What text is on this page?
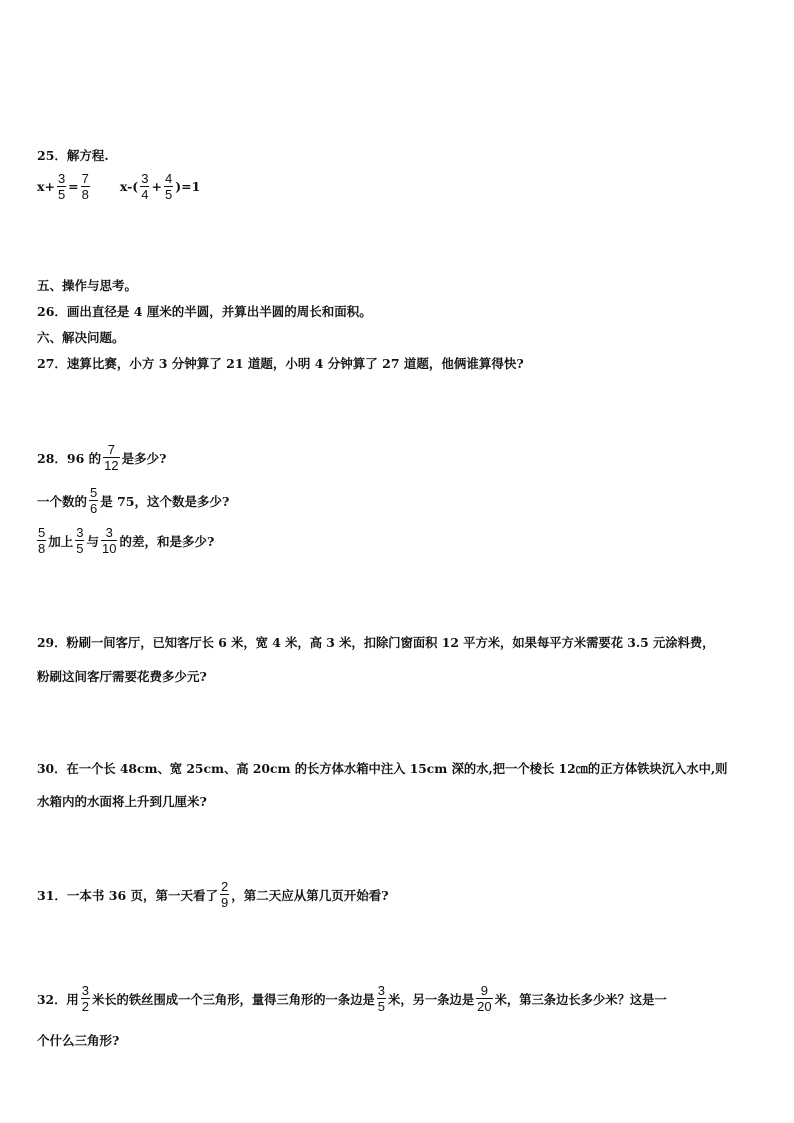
25．解方程.
$x+ \frac{3}{5} = \frac{7}{8} x-( \frac{3}{4} + \frac{4}{5} )=1$
五、操作与思考。
26．画出直径是 4 厘米的半圆，并算出半圆的周长和面积。
六、解决问题。
27．速算比赛，小方 3 分钟算了 21 道题，小明 4 分钟算了 27 道题，他俩谁算得快?
28．96 的 $\frac{7}{12}$ 是多少?
一个数的 $\frac{5}{6}$ 是 75，这个数是多少?
$\frac{5}{8}$ 加上 $\frac{3}{5}$ 与 $\frac{3}{10}$ 的差，和是多少?
29．粉刷一间客厅，已知客厅长 6 米，宽 4 米，高 3 米，扣除门窗面积 12 平方米，如果每平方米需要花 3.5 元涂料费，
粉刷这间客厅需要花费多少元?
30．在一个长 48cm、宽 25cm、高 20cm 的长方体水箱中注入 15cm 深的水,把一个棱长 12㎝的正方体铁块沉入水中,则
水箱内的水面将上升到几厘米?
31．一本书 36 页，第一天看了 $\frac{2}{9}$ ，第二天应从第几页开始看?
32．用 $\frac{3}{2}$ 米长的铁丝围成一个三角形，量得三角形的一条边是 $\frac{3}{5}$ 米，另一条边是 $\frac{9}{20}$ 米，第三条边长多少米？这是一
个什么三角形?
